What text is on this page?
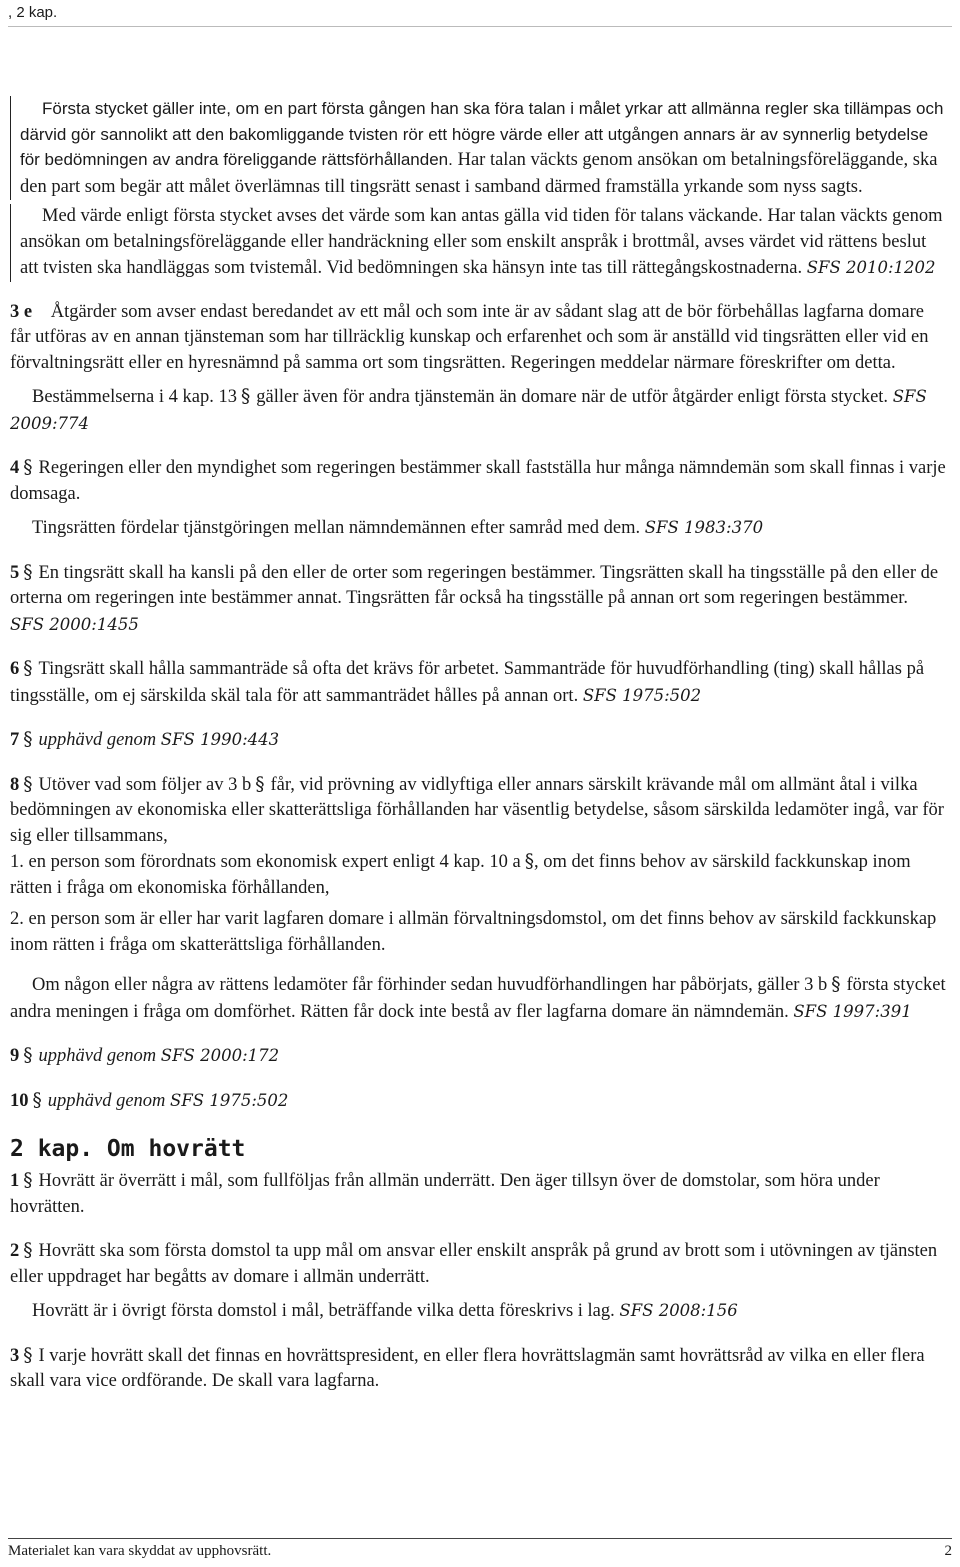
, 2 kap.

Första stycket gäller inte, om en part första gången han ska föra talan i målet yrkar att allmänna regler ska tillämpas och därvid gör sannolikt att den bakomliggande tvisten rör ett högre värde eller att utgången annars är av synnerlig betydelse för bedömningen av andra föreliggande rättsförhållanden. Har talan väckts genom ansökan om betalningsföreläggande, ska den part som begär att målet överlämnas till tingsrätt senast i samband därmed framställa yrkande som nyss sagts.

Med värde enligt första stycket avses det värde som kan antas gälla vid tiden för talans väckande. Har talan väckts genom ansökan om betalningsföreläggande eller handräckning eller som enskilt anspråk i brottmål, avses värdet vid rättens beslut att tvisten ska handläggas som tvistemål. Vid bedömningen ska hänsyn inte tas till rättegångskostnaderna. SFS 2010:1202

3 e Åtgärder som avser endast beredandet av ett mål och som inte är av sådant slag att de bör förbehållas lagfarna domare får utföras av en annan tjänsteman som har tillräcklig kunskap och erfarenhet och som är anställd vid tingsrätten eller vid en förvaltningsrätt eller en hyresnämnd på samma ort som tingsrätten. Regeringen meddelar närmare föreskrifter om detta.

Bestämmelserna i 4 kap. 13 § gäller även för andra tjänstemän än domare när de utför åtgärder enligt första stycket. SFS 2009:774

4 § Regeringen eller den myndighet som regeringen bestämmer skall fastställa hur många nämndemän som skall finnas i varje domsaga.

Tingsrätten fördelar tjänstgöringen mellan nämndemännen efter samråd med dem. SFS 1983:370

5 § En tingsrätt skall ha kansli på den eller de orter som regeringen bestämmer. Tingsrätten skall ha tingsställe på den eller de orterna om regeringen inte bestämmer annat. Tingsrätten får också ha tingsställe på annan ort som regeringen bestämmer. SFS 2000:1455

6 § Tingsrätt skall hålla sammanträde så ofta det krävs för arbetet. Sammanträde för huvudförhandling (ting) skall hållas på tingsställe, om ej särskilda skäl tala för att sammanträdet hålles på annan ort. SFS 1975:502

7 § upphävd genom SFS 1990:443

8 § Utöver vad som följer av 3 b § får, vid prövning av vidlyftiga eller annars särskilt krävande mål om allmänt åtal i vilka bedömningen av ekonomiska eller skatterättsliga förhållanden har väsentlig betydelse, såsom särskilda ledamöter ingå, var för sig eller tillsammans,

1. en person som förordnats som ekonomisk expert enligt 4 kap. 10 a §, om det finns behov av särskild fackkunskap inom rätten i fråga om ekonomiska förhållanden,

2. en person som är eller har varit lagfaren domare i allmän förvaltningsdomstol, om det finns behov av särskild fackkunskap inom rätten i fråga om skatterättsliga förhållanden.

Om någon eller några av rättens ledamöter får förhinder sedan huvudförhandlingen har påbörjats, gäller 3 b § första stycket andra meningen i fråga om domförhet. Rätten får dock inte bestå av fler lagfarna domare än nämndemän. SFS 1997:391

9 § upphävd genom SFS 2000:172

10 § upphävd genom SFS 1975:502

2 kap. Om hovrätt

1 § Hovrätt är överrätt i mål, som fullföljas från allmän underrätt. Den äger tillsyn över de domstolar, som höra under hovrätten.

2 § Hovrätt ska som första domstol ta upp mål om ansvar eller enskilt anspråk på grund av brott som i utövningen av tjänsten eller uppdraget har begåtts av domare i allmän underrätt.

Hovrätt är i övrigt första domstol i mål, beträffande vilka detta föreskrivs i lag. SFS 2008:156

3 § I varje hovrätt skall det finnas en hovrättspresident, en eller flera hovrättslagmän samt hovrättsråd av vilka en eller flera skall vara vice ordförande. De skall vara lagfarna.

Materialet kan vara skyddat av upphovsrätt.	2
